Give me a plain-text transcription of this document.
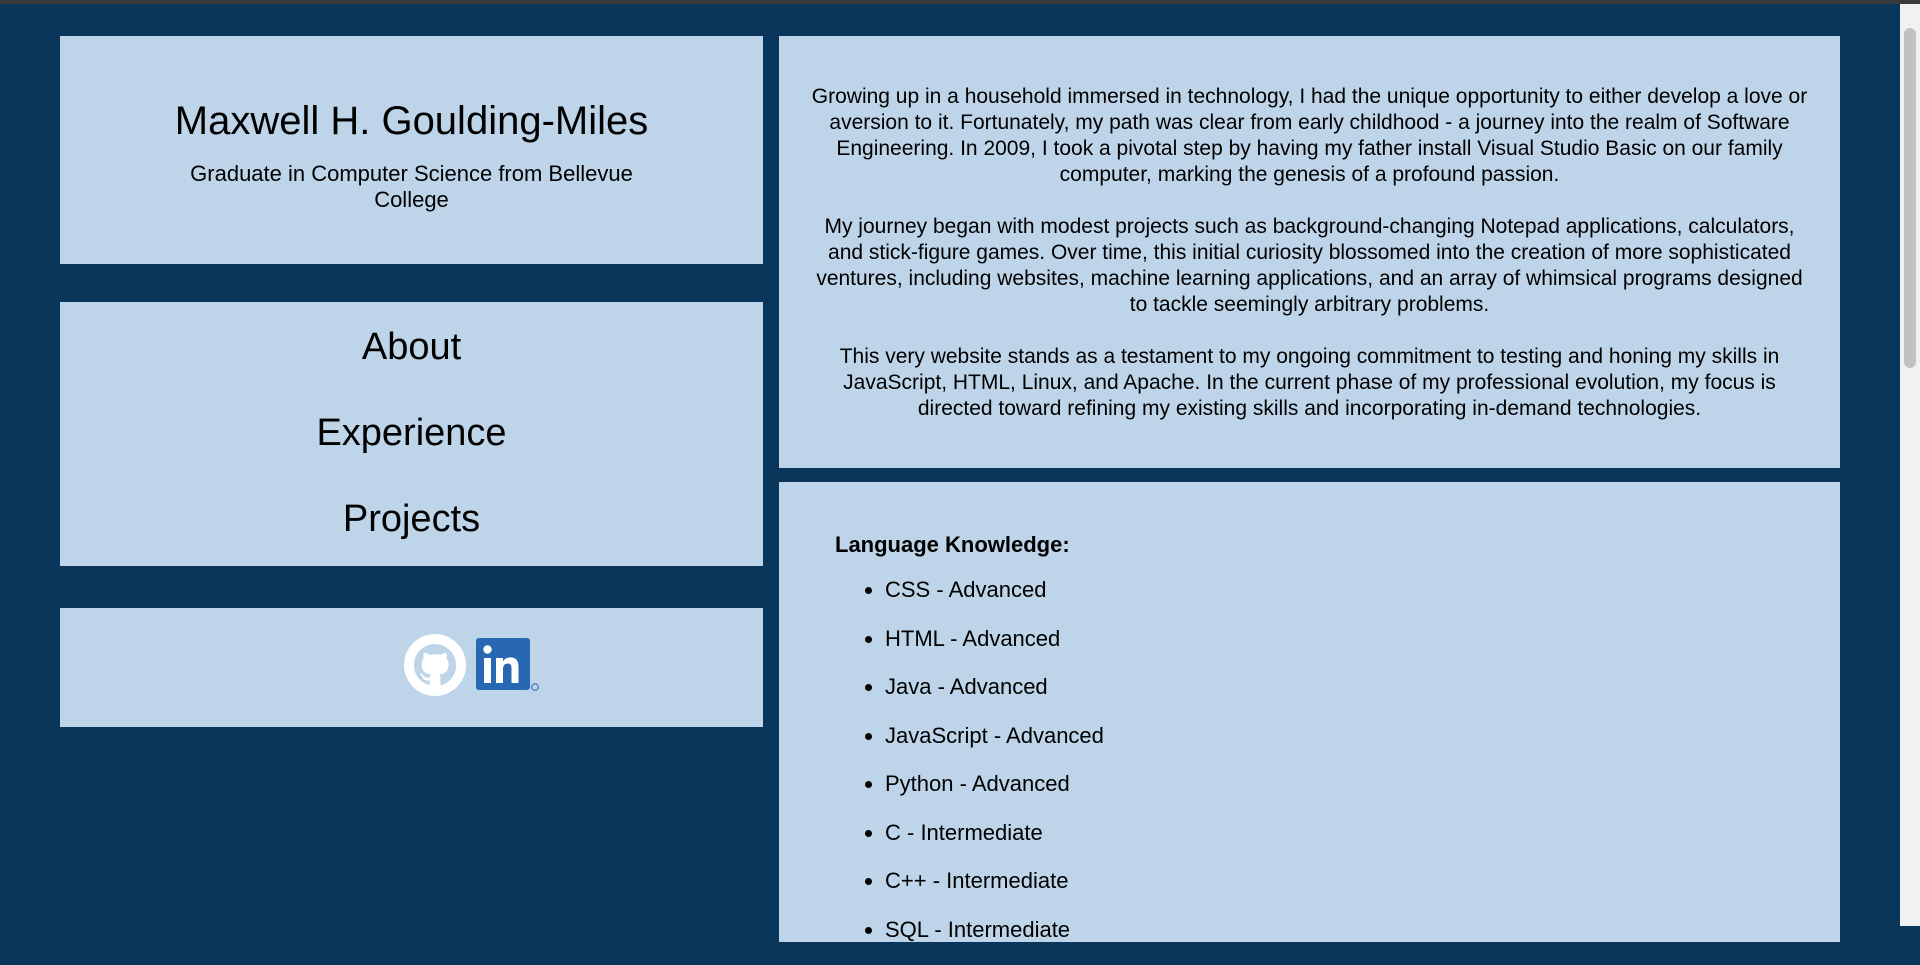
Maxwell H. Goulding-Miles
Graduate in Computer Science from Bellevue College
About
Experience
Projects

Growing up in a household immersed in technology, I had the unique opportunity to either develop a love or aversion to it. Fortunately, my path was clear from early childhood - a journey into the realm of Software Engineering. In 2009, I took a pivotal step by having my father install Visual Studio Basic on our family computer, marking the genesis of a profound passion.

My journey began with modest projects such as background-changing Notepad applications, calculators, and stick-figure games. Over time, this initial curiosity blossomed into the creation of more sophisticated ventures, including websites, machine learning applications, and an array of whimsical programs designed to tackle seemingly arbitrary problems.

This very website stands as a testament to my ongoing commitment to testing and honing my skills in JavaScript, HTML, Linux, and Apache. In the current phase of my professional evolution, my focus is directed toward refining my existing skills and incorporating in-demand technologies.

Language Knowledge:
• CSS - Advanced
• HTML - Advanced
• Java - Advanced
• JavaScript - Advanced
• Python - Advanced
• C - Intermediate
• C++ - Intermediate
• SQL - Intermediate
